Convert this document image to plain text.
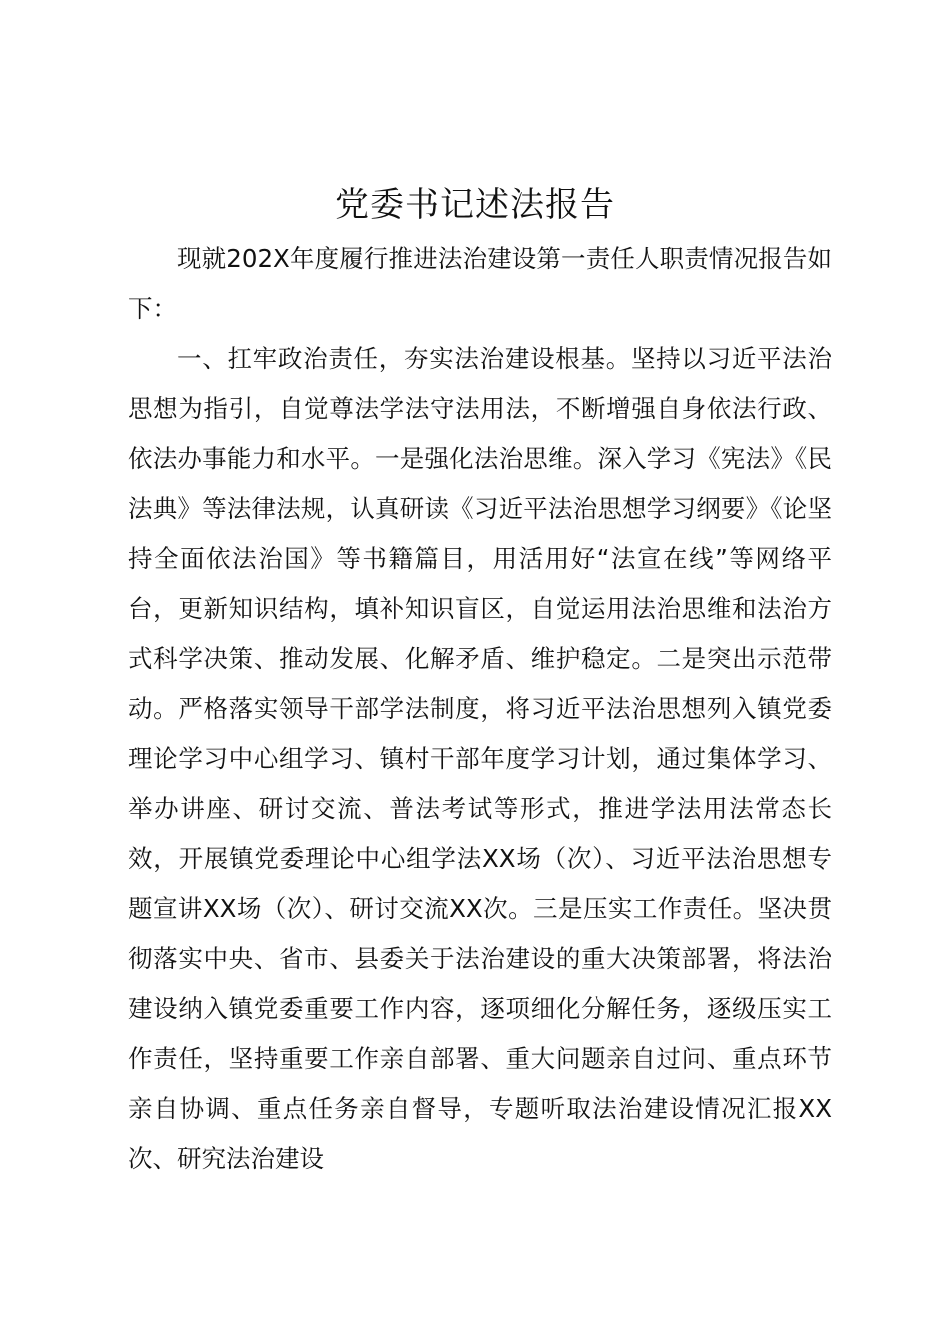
党委书记述法报告

现就202X年度履行推进法治建设第一责任人职责情况报告如下：

一、扛牢政治责任，夯实法治建设根基。坚持以习近平法治思想为指引，自觉尊法学法守法用法，不断增强自身依法行政、依法办事能力和水平。一是强化法治思维。深入学习《宪法》《民法典》等法律法规，认真研读《习近平法治思想学习纲要》《论坚持全面依法治国》等书籍篇目，用活用好“法宣在线”等网络平台，更新知识结构，填补知识盲区，自觉运用法治思维和法治方式科学决策、推动发展、化解矛盾、维护稳定。二是突出示范带动。严格落实领导干部学法制度，将习近平法治思想列入镇党委理论学习中心组学习、镇村干部年度学习计划，通过集体学习、举办讲座、研讨交流、普法考试等形式，推进学法用法常态长效，开展镇党委理论中心组学法XX场（次）、习近平法治思想专题宣讲XX场（次）、研讨交流XX次。三是压实工作责任。坚决贯彻落实中央、省市、县委关于法治建设的重大决策部署，将法治建设纳入镇党委重要工作内容，逐项细化分解任务，逐级压实工作责任，坚持重要工作亲自部署、重大问题亲自过问、重点环节亲自协调、重点任务亲自督导，专题听取法治建设情况汇报XX次、研究法治建设
